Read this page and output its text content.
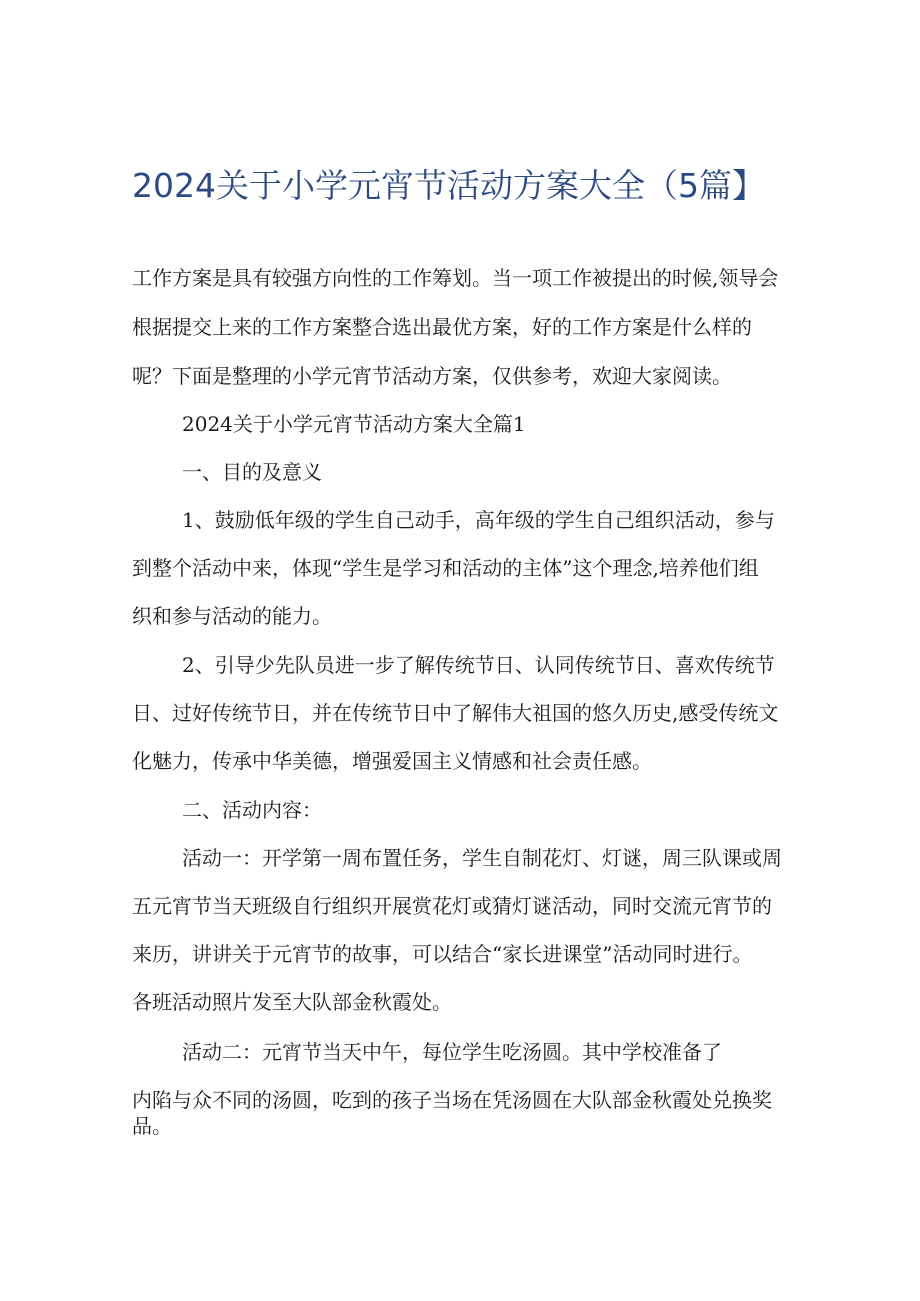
2024关于小学元宵节活动方案大全（5篇】
工作方案是具有较强方向性的工作筹划。当一项工作被提出的时候,领导会
根据提交上来的工作方案整合选出最优方案，好的工作方案是什么样的
呢？下面是整理的小学元宵节活动方案，仅供参考，欢迎大家阅读。
2024关于小学元宵节活动方案大全篇1
一、目的及意义
1、鼓励低年级的学生自己动手，高年级的学生自己组织活动，参与
到整个活动中来，体现“学生是学习和活动的主体”这个理念,培养他们组
织和参与活动的能力。
2、引导少先队员进一步了解传统节日、认同传统节日、喜欢传统节
日、过好传统节日，并在传统节日中了解伟大祖国的悠久历史,感受传统文
化魅力，传承中华美德，增强爱国主义情感和社会责任感。
二、活动内容：
活动一：开学第一周布置任务，学生自制花灯、灯谜，周三队课或周
五元宵节当天班级自行组织开展赏花灯或猜灯谜活动，同时交流元宵节的
来历，讲讲关于元宵节的故事，可以结合“家长进课堂”活动同时进行。
各班活动照片发至大队部金秋霞处。
活动二：元宵节当天中午，每位学生吃汤圆。其中学校准备了
内陷与众不同的汤圆，吃到的孩子当场在凭汤圆在大队部金秋霞处兑换奖
品。
